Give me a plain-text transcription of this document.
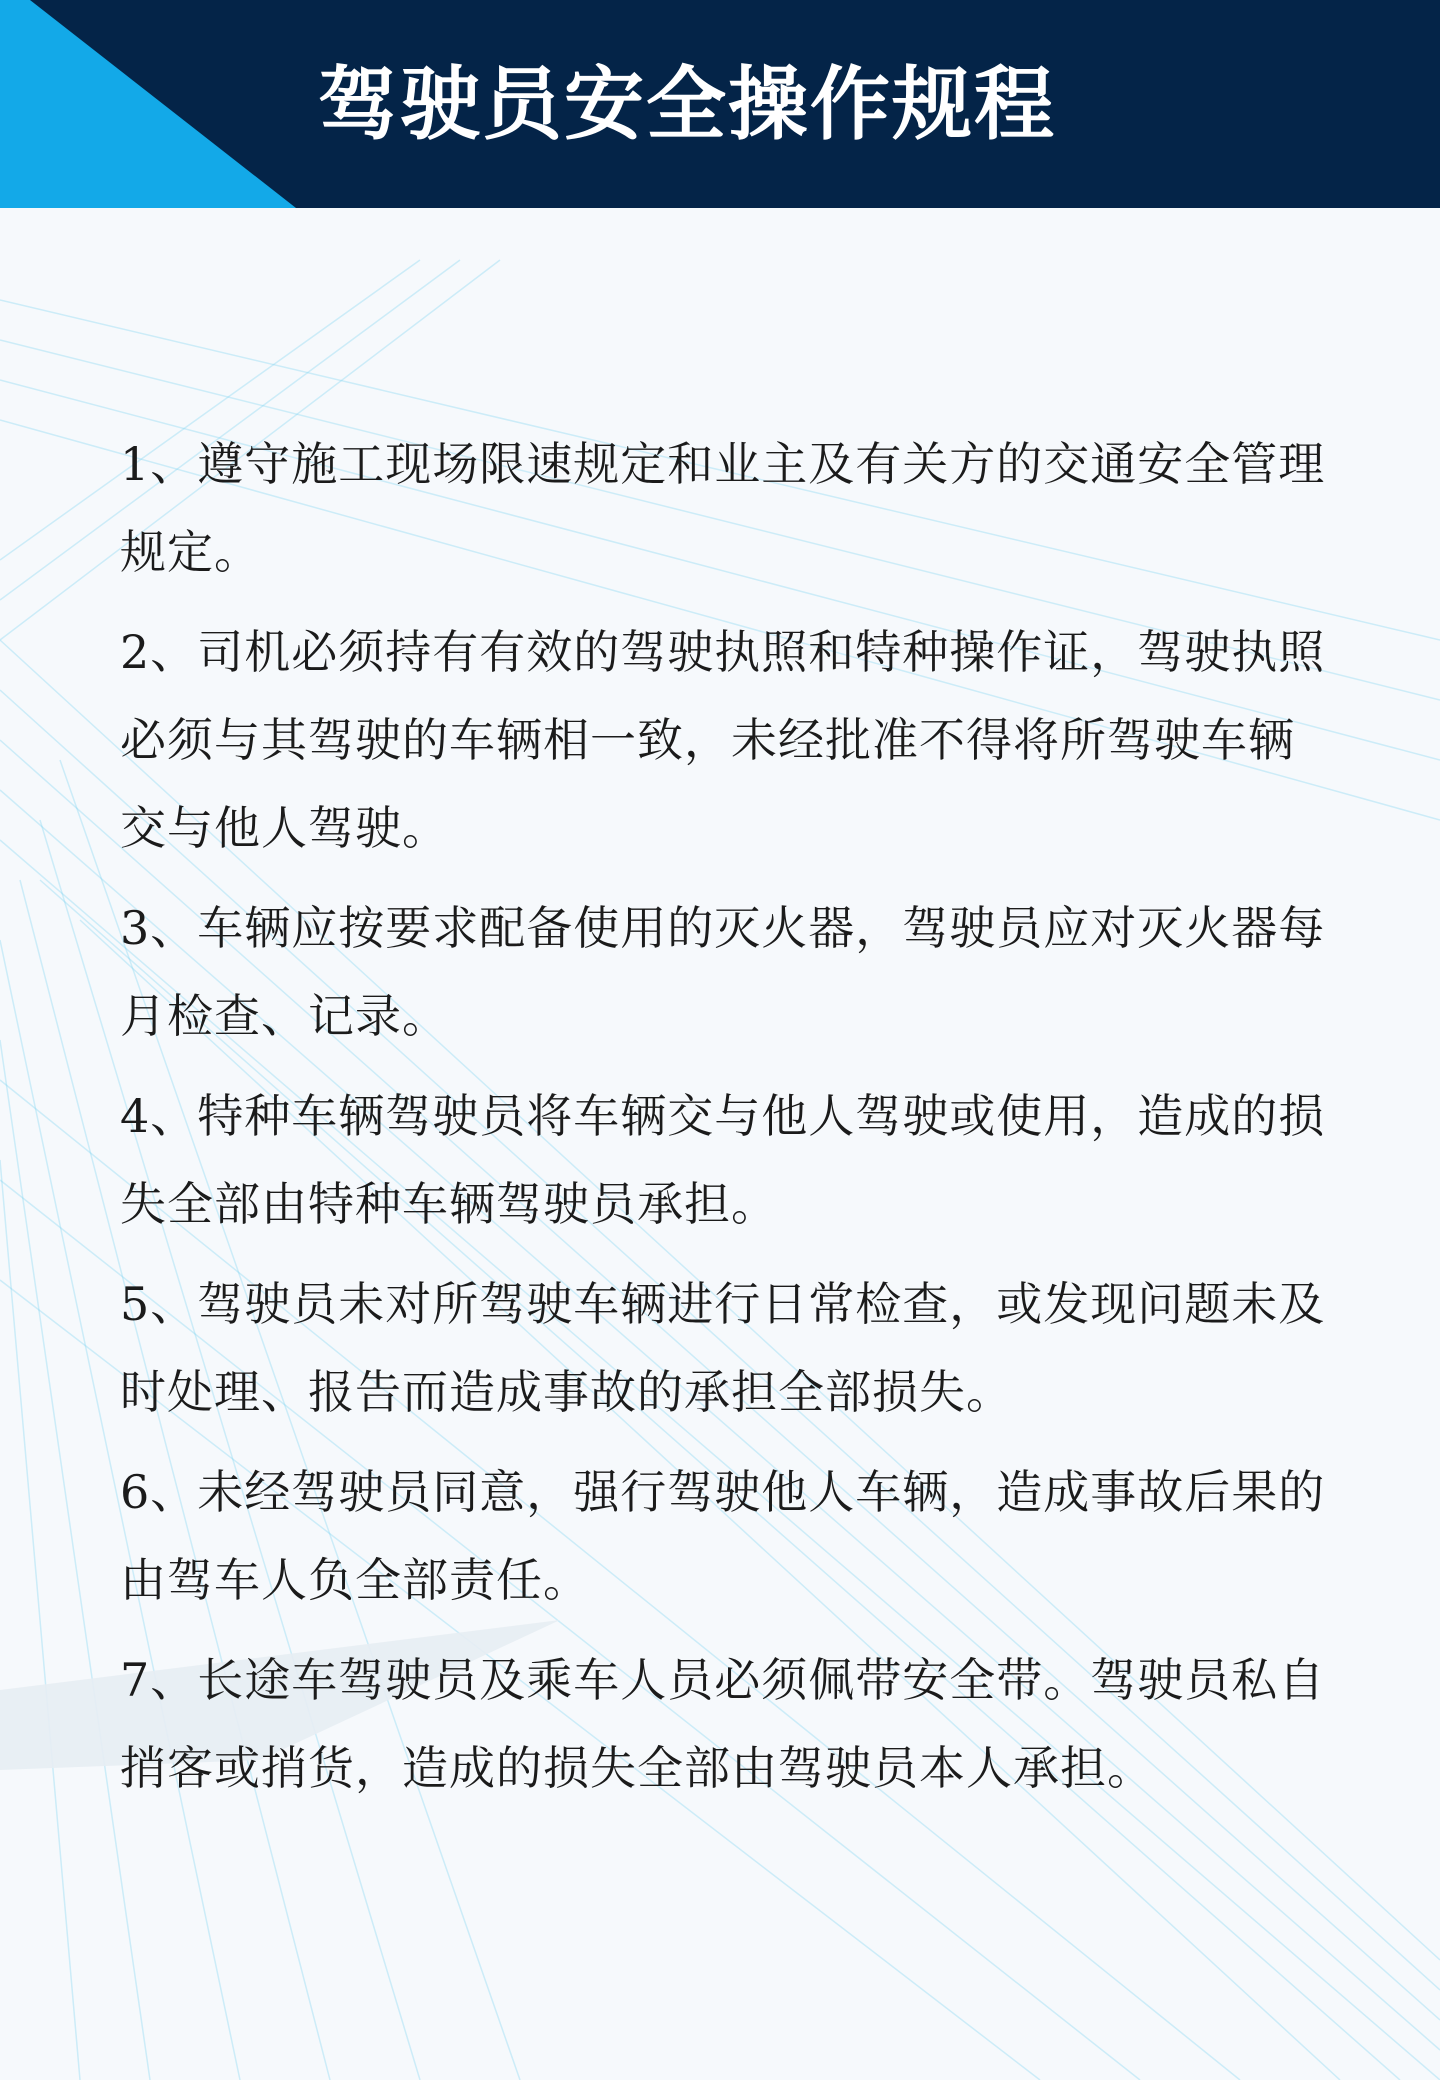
驾驶员安全操作规程

1、遵守施工现场限速规定和业主及有关方的交通安全管理规定。

2、司机必须持有有效的驾驶执照和特种操作证，驾驶执照必须与其驾驶的车辆相一致，未经批准不得将所驾驶车辆交与他人驾驶。

3、车辆应按要求配备使用的灭火器，驾驶员应对灭火器每月检查、记录。

4、特种车辆驾驶员将车辆交与他人驾驶或使用，造成的损失全部由特种车辆驾驶员承担。

5、驾驶员未对所驾驶车辆进行日常检查，或发现问题未及时处理、报告而造成事故的承担全部损失。

6、未经驾驶员同意，强行驾驶他人车辆，造成事故后果的由驾车人负全部责任。

7、长途车驾驶员及乘车人员必须佩带安全带。驾驶员私自捎客或捎货，造成的损失全部由驾驶员本人承担。
